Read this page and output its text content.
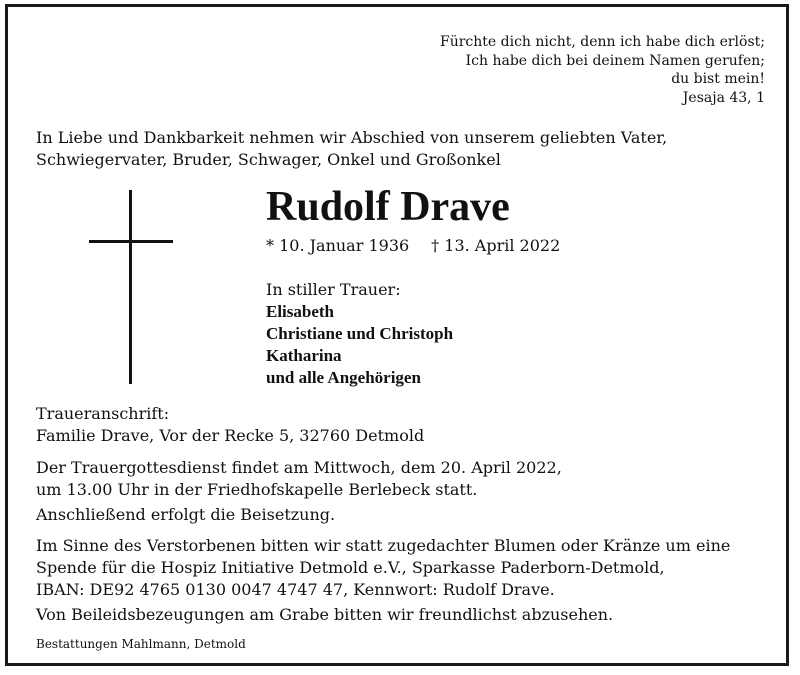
Fürchte dich nicht, denn ich habe dich erlöst;
Ich habe dich bei deinem Namen gerufen;
du bist mein!
Jesaja 43, 1
In Liebe und Dankbarkeit nehmen wir Abschied von unserem geliebten Vater,
Schwiegervater, Bruder, Schwager, Onkel und Großonkel
Rudolf Drave
* 10. Januar 1936 † 13. April 2022
In stiller Trauer:
Elisabeth
Christiane und Christoph
Katharina
und alle Angehörigen
Traueranschrift:
Familie Drave, Vor der Recke 5, 32760 Detmold
Der Trauergottesdienst findet am Mittwoch, dem 20. April 2022,
um 13.00 Uhr in der Friedhofskapelle Berlebeck statt.
Anschließend erfolgt die Beisetzung.
Im Sinne des Verstorbenen bitten wir statt zugedachter Blumen oder Kränze um eine
Spende für die Hospiz Initiative Detmold e.V., Sparkasse Paderborn-Detmold,
IBAN: DE92 4765 0130 0047 4747 47, Kennwort: Rudolf Drave.
Von Beileidsbezeugungen am Grabe bitten wir freundlichst abzusehen.
Bestattungen Mahlmann, Detmold
